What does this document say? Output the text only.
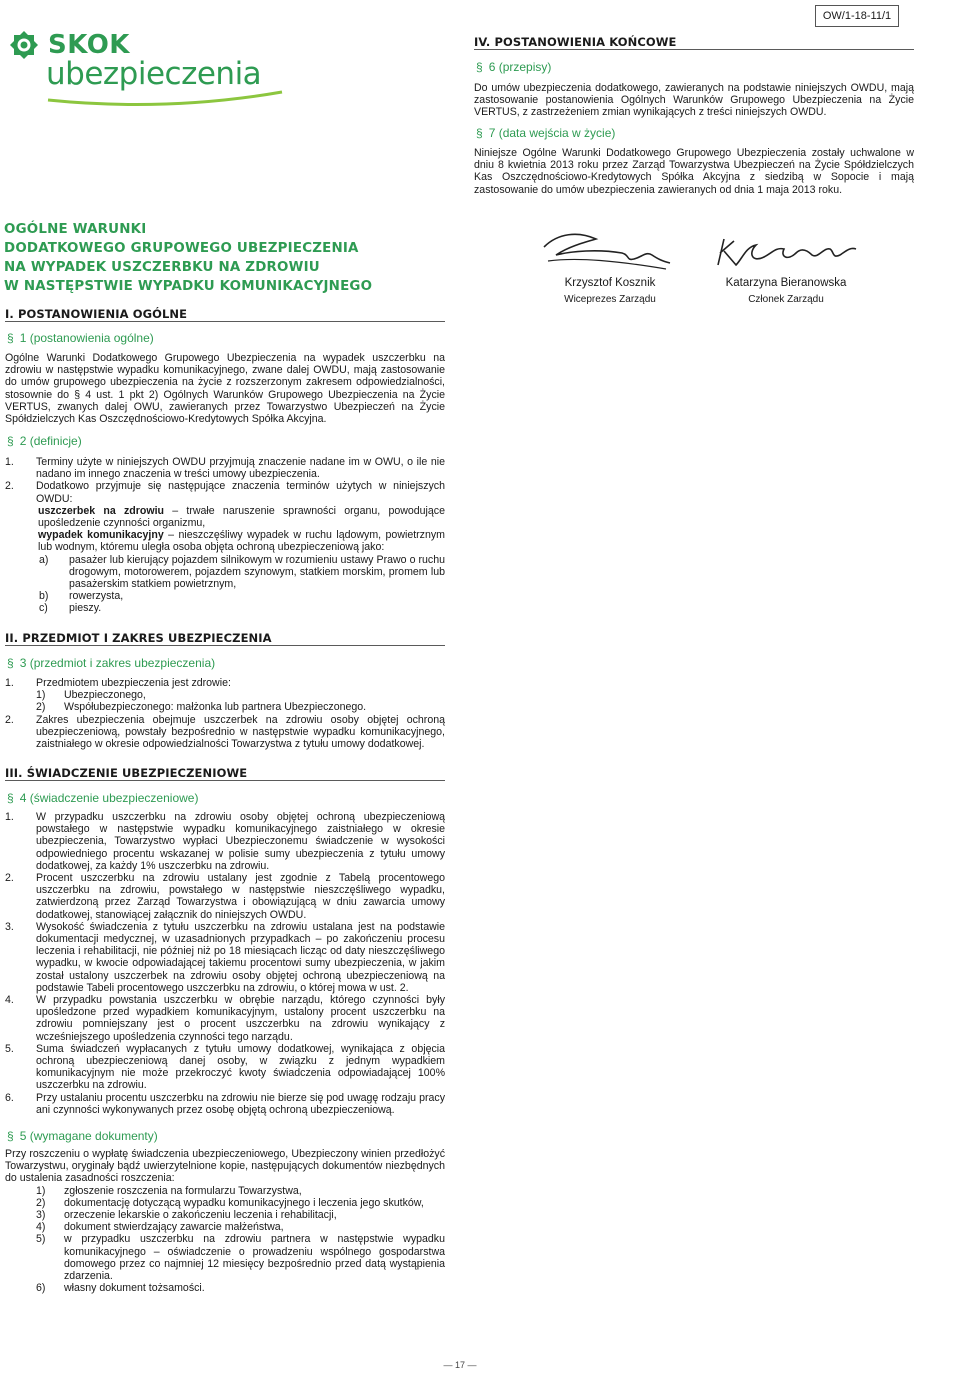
OW/1-18-11/1
SKOK
ubezpieczenia
OGÓLNE WARUNKI
DODATKOWEGO GRUPOWEGO UBEZPIECZENIA
NA WYPADEK USZCZERBKU NA ZDROWIU
W NASTĘPSTWIE WYPADKU KOMUNIKACYJNEGO
I. POSTANOWIENIA OGÓLNE
§ 1 (postanowienia ogólne)
Ogólne Warunki Dodatkowego Grupowego Ubezpieczenia na wypadek uszczerbku na zdrowiu w następstwie wypadku komunikacyjnego, zwane dalej OWDU, mają zastosowanie do umów grupowego ubezpieczenia na życie z rozszerzonym zakresem odpowiedzialności, stosownie do § 4 ust. 1 pkt 2) Ogólnych Warunków Grupowego Ubezpieczenia na Życie VERTUS, zwanych dalej OWU, zawieranych przez Towarzystwo Ubezpieczeń na Życie Spółdzielczych Kas Oszczędnościowo-Kredytowych Spółka Akcyjna.
§ 2 (definicje)
1. Terminy użyte w niniejszych OWDU przyjmują znaczenie nadane im w OWU, o ile nie nadano im innego znaczenia w treści umowy ubezpieczenia.
2. Dodatkowo przyjmuje się następujące znaczenia terminów użytych w niniejszych OWDU:
uszczerbek na zdrowiu – trwałe naruszenie sprawności organu, powodujące upośledzenie czynności organizmu,
wypadek komunikacyjny – nieszczęśliwy wypadek w ruchu lądowym, powietrznym lub wodnym, któremu uległa osoba objęta ochroną ubezpieczeniową jako:
a) pasażer lub kierujący pojazdem silnikowym w rozumieniu ustawy Prawo o ruchu drogowym, motorowerem, pojazdem szynowym, statkiem morskim, promem lub pasażerskim statkiem powietrznym,
b) rowerzysta,
c) pieszy.
II. PRZEDMIOT I ZAKRES UBEZPIECZENIA
§ 3 (przedmiot i zakres ubezpieczenia)
1. Przedmiotem ubezpieczenia jest zdrowie:
1) Ubezpieczonego,
2) Współubezpieczonego: małżonka lub partnera Ubezpieczonego.
2. Zakres ubezpieczenia obejmuje uszczerbek na zdrowiu osoby objętej ochroną ubezpieczeniową, powstały bezpośrednio w następstwie wypadku komunikacyjnego, zaistniałego w okresie odpowiedzialności Towarzystwa z tytułu umowy dodatkowej.
III. ŚWIADCZENIE UBEZPIECZENIOWE
§ 4 (świadczenie ubezpieczeniowe)
1. W przypadku uszczerbku na zdrowiu osoby objętej ochroną ubezpieczeniową powstałego w następstwie wypadku komunikacyjnego zaistniałego w okresie ubezpieczenia, Towarzystwo wypłaci Ubezpieczonemu świadczenie w wysokości odpowiedniego procentu wskazanej w polisie sumy ubezpieczenia z tytułu umowy dodatkowej, za każdy 1% uszczerbku na zdrowiu.
2. Procent uszczerbku na zdrowiu ustalany jest zgodnie z Tabelą procentowego uszczerbku na zdrowiu, powstałego w następstwie nieszczęśliwego wypadku, zatwierdzoną przez Zarząd Towarzystwa i obowiązującą w dniu zawarcia umowy dodatkowej, stanowiącej załącznik do niniejszych OWDU.
3. Wysokość świadczenia z tytułu uszczerbku na zdrowiu ustalana jest na podstawie dokumentacji medycznej, w uzasadnionych przypadkach – po zakończeniu procesu leczenia i rehabilitacji, nie później niż po 18 miesiącach licząc od daty nieszczęśliwego wypadku, w kwocie odpowiadającej takiemu procentowi sumy ubezpieczenia, w jakim został ustalony uszczerbek na zdrowiu osoby objętej ochroną ubezpieczeniową na podstawie Tabeli procentowego uszczerbku na zdrowiu, o której mowa w ust. 2.
4. W przypadku powstania uszczerbku w obrębie narządu, którego czynności były upośledzone przed wypadkiem komunikacyjnym, ustalony procent uszczerbku na zdrowiu pomniejszany jest o procent uszczerbku na zdrowiu wynikający z wcześniejszego upośledzenia czynności tego narządu.
5. Suma świadczeń wypłacanych z tytułu umowy dodatkowej, wynikająca z objęcia ochroną ubezpieczeniową danej osoby, w związku z jednym wypadkiem komunikacyjnym nie może przekroczyć kwoty świadczenia odpowiadającej 100% uszczerbku na zdrowiu.
6. Przy ustalaniu procentu uszczerbku na zdrowiu nie bierze się pod uwagę rodzaju pracy ani czynności wykonywanych przez osobę objętą ochroną ubezpieczeniową.
§ 5 (wymagane dokumenty)
Przy roszczeniu o wypłatę świadczenia ubezpieczeniowego, Ubezpieczony winien przedłożyć Towarzystwu, oryginały bądź uwierzytelnione kopie, następujących dokumentów niezbędnych do ustalenia zasadności roszczenia:
1) zgłoszenie roszczenia na formularzu Towarzystwa,
2) dokumentację dotyczącą wypadku komunikacyjnego i leczenia jego skutków,
3) orzeczenie lekarskie o zakończeniu leczenia i rehabilitacji,
4) dokument stwierdzający zawarcie małżeństwa,
5) w przypadku uszczerbku na zdrowiu partnera w następstwie wypadku komunikacyjnego – oświadczenie o prowadzeniu wspólnego gospodarstwa domowego przez co najmniej 12 miesięcy bezpośrednio przed datą wystąpienia zdarzenia.
6) własny dokument tożsamości.
IV. POSTANOWIENIA KOŃCOWE
§ 6 (przepisy)
Do umów ubezpieczenia dodatkowego, zawieranych na podstawie niniejszych OWDU, mają zastosowanie postanowienia Ogólnych Warunków Grupowego Ubezpieczenia na Życie VERTUS, z zastrzeżeniem zmian wynikających z treści niniejszych OWDU.
§ 7 (data wejścia w życie)
Niniejsze Ogólne Warunki Dodatkowego Grupowego Ubezpieczenia zostały uchwalone w dniu 8 kwietnia 2013 roku przez Zarząd Towarzystwa Ubezpieczeń na Życie Spółdzielczych Kas Oszczędnościowo-Kredytowych Spółka Akcyjna z siedzibą w Sopocie i mają zastosowanie do umów ubezpieczenia zawieranych od dnia 1 maja 2013 roku.
Krzysztof Kosznik
Wiceprezes Zarządu
Katarzyna Bieranowska
Członek Zarządu
— 17 —
